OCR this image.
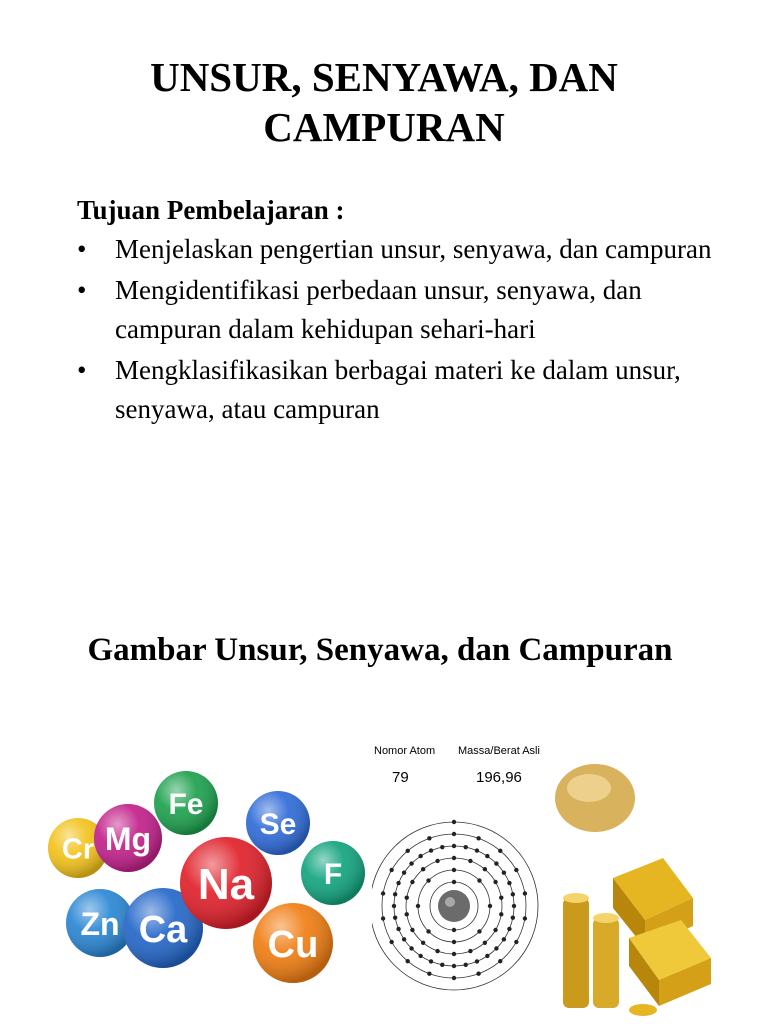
UNSUR, SENYAWA, DAN
CAMPURAN

Tujuan Pembelajaran :

• Menjelaskan pengertian unsur, senyawa, dan campuran
• Mengidentifikasi perbedaan unsur, senyawa, dan campuran dalam kehidupan sehari-hari
• Mengklasifikasikan berbagai materi ke dalam unsur, senyawa, atau campuran
Gambar Unsur, Senyawa, dan Campuran
Cr Mg
Fe
Se
F
Zn Ca
Na
Cu
Nomor Atom Massa/Berat Asli
79	196,96
